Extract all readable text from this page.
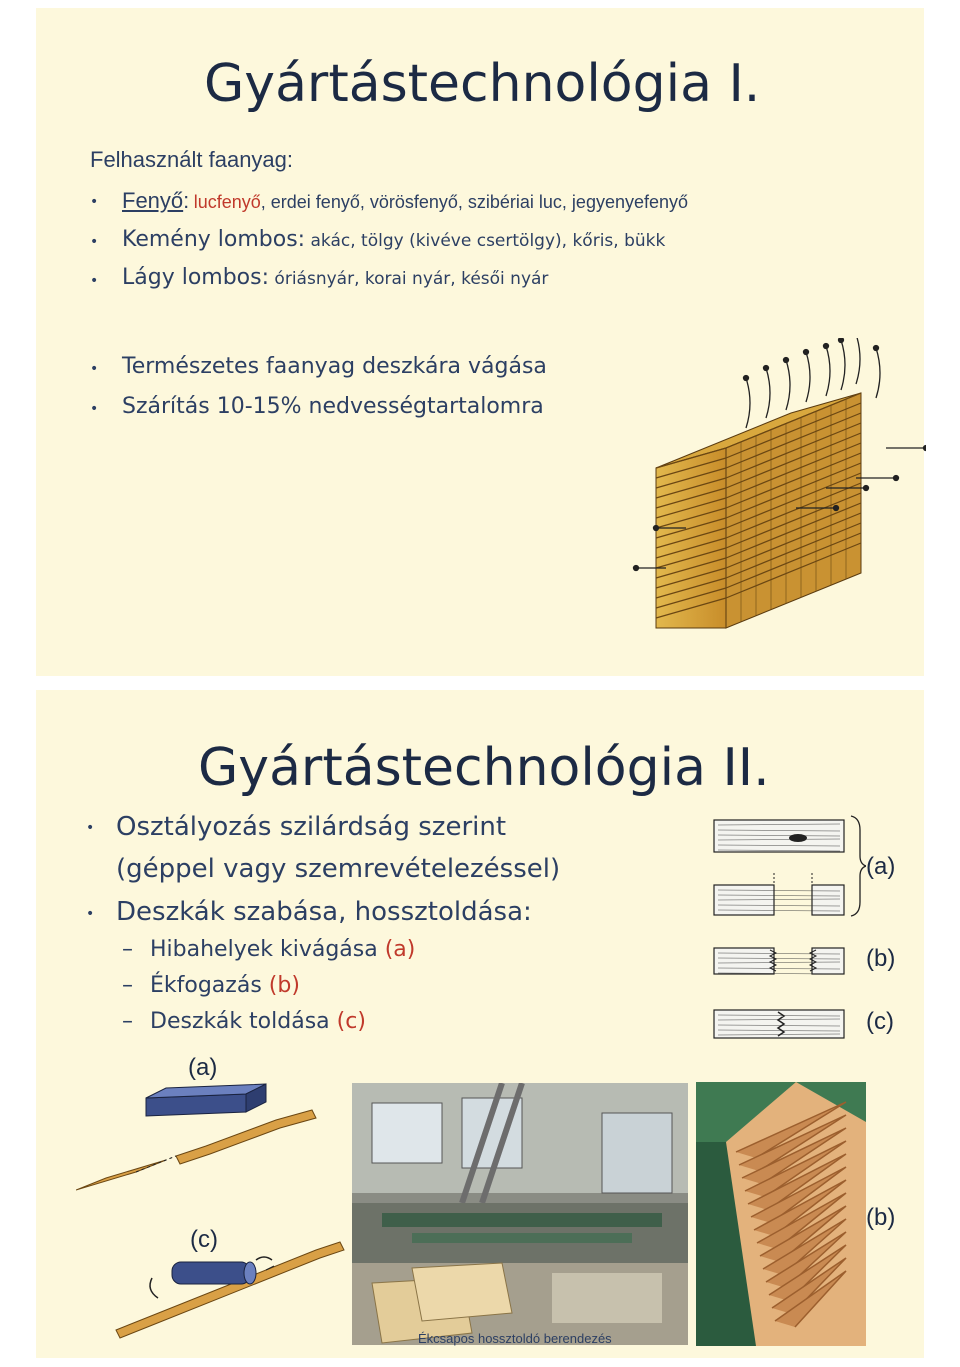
Gyártástechnológia I.
Felhasznált faanyag:
• Fenyő: lucfenyő, erdei fenyő, vörösfenyő, szibériai luc, jegyenyefenyő
• Kemény lombos: akác, tölgy (kivéve csertölgy), kőris, bükk
• Lágy lombos: óriásnyár, korai nyár, késői nyár
• Természetes faanyag deszkára vágása
• Szárítás 10-15% nedvességtartalomra
Gyártástechnológia II.
• Osztályozás szilárdság szerint
(géppel vagy szemrevételezéssel)
• Deszkák szabása, hossztoldása:
– Hibahelyek kivágása (a)
– Ékfogazás (b)
– Deszkák toldása (c)
(a)
(b)
(c)
(a)
(c)
Ékcsapos hossztoldó berendezés
(b)
